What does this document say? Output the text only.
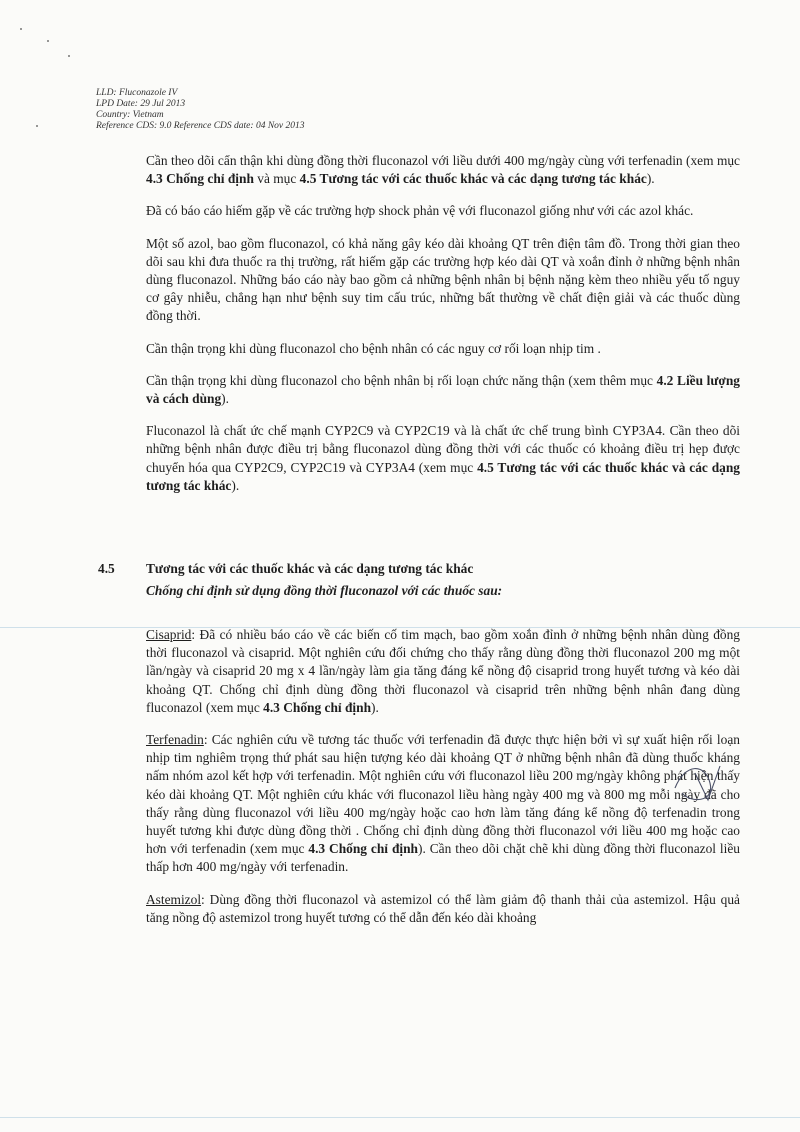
LLD: Fluconazole IV
LPD Date: 29 Jul 2013
Country: Vietnam
Reference CDS: 9.0 Reference CDS date: 04 Nov 2013

Cần theo dõi cẩn thận khi dùng đồng thời fluconazol với liều dưới 400 mg/ngày cùng với terfenadin (xem mục 4.3 Chống chỉ định và mục 4.5 Tương tác với các thuốc khác và các dạng tương tác khác).

Đã có báo cáo hiếm gặp về các trường hợp shock phản vệ với fluconazol giống như với các azol khác.

Một số azol, bao gồm fluconazol, có khả năng gây kéo dài khoảng QT trên điện tâm đồ. Trong thời gian theo dõi sau khi đưa thuốc ra thị trường, rất hiếm gặp các trường hợp kéo dài QT và xoắn đỉnh ở những bệnh nhân dùng fluconazol. Những báo cáo này bao gồm cả những bệnh nhân bị bệnh nặng kèm theo nhiều yếu tố nguy cơ gây nhiễu, chẳng hạn như bệnh suy tim cấu trúc, những bất thường về chất điện giải và các thuốc dùng đồng thời.

Cần thận trọng khi dùng fluconazol cho bệnh nhân có các nguy cơ rối loạn nhịp tim .

Cần thận trọng khi dùng fluconazol cho bệnh nhân bị rối loạn chức năng thận (xem thêm mục 4.2 Liều lượng và cách dùng).

Fluconazol là chất ức chế mạnh CYP2C9 và CYP2C19 và là chất ức chế trung bình CYP3A4. Cần theo dõi những bệnh nhân được điều trị bằng fluconazol dùng đồng thời với các thuốc có khoảng điều trị hẹp được chuyển hóa qua CYP2C9, CYP2C19 và CYP3A4 (xem mục 4.5 Tương tác với các thuốc khác và các dạng tương tác khác).

4.5 Tương tác với các thuốc khác và các dạng tương tác khác
Chống chỉ định sử dụng đồng thời fluconazol với các thuốc sau:

Cisaprid: Đã có nhiều báo cáo về các biến cố tim mạch, bao gồm xoắn đỉnh ở những bệnh nhân dùng đồng thời fluconazol và cisaprid. Một nghiên cứu đối chứng cho thấy rằng dùng đồng thời fluconazol 200 mg một lần/ngày và cisaprid 20 mg x 4 lần/ngày làm gia tăng đáng kể nồng độ cisaprid trong huyết tương và kéo dài khoảng QT. Chống chỉ định dùng đồng thời fluconazol và cisaprid trên những bệnh nhân đang dùng fluconazol (xem mục 4.3 Chống chỉ định).

Terfenadin: Các nghiên cứu về tương tác thuốc với terfenadin đã được thực hiện bởi vì sự xuất hiện rối loạn nhịp tim nghiêm trọng thứ phát sau hiện tượng kéo dài khoảng QT ở những bệnh nhân đã dùng thuốc kháng nấm nhóm azol kết hợp với terfenadin. Một nghiên cứu với fluconazol liều 200 mg/ngày không phát hiện thấy kéo dài khoảng QT. Một nghiên cứu khác với fluconazol liều hàng ngày 400 mg và 800 mg mỗi ngày đã cho thấy rằng dùng fluconazol với liều 400 mg/ngày hoặc cao hơn làm tăng đáng kể nồng độ terfenadin trong huyết tương khi được dùng đồng thời . Chống chỉ định dùng đồng thời fluconazol với liều 400 mg hoặc cao hơn với terfenadin (xem mục 4.3 Chống chỉ định). Cần theo dõi chặt chẽ khi dùng đồng thời fluconazol liều thấp hơn 400 mg/ngày với terfenadin.

Astemizol: Dùng đồng thời fluconazol và astemizol có thể làm giảm độ thanh thải của astemizol. Hậu quả tăng nồng độ astemizol trong huyết tương có thể dẫn đến kéo dài khoảng
